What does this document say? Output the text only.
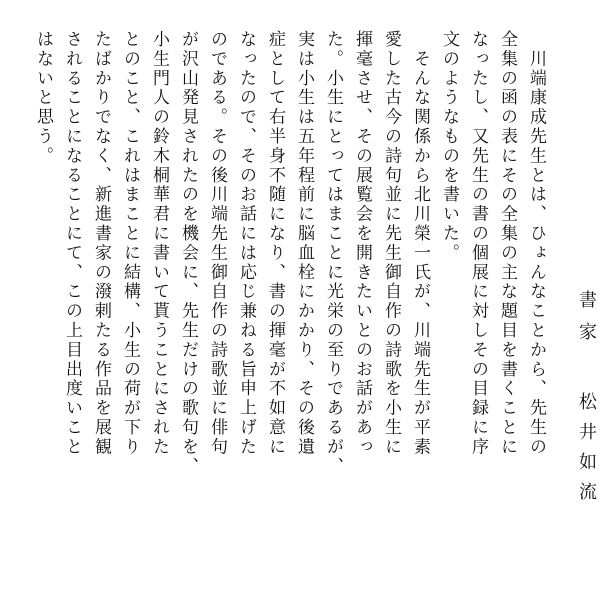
書家
松井如流
　川端康成先生とは、ひょんなことから、先生の
全集の函の表にその全集の主な題目を書くことに
なったし、又先生の書の個展に対しその目録に序
文のようなものを書いた。
　そんな関係から北川榮一氏が、川端先生が平素
愛した古今の詩句並に先生御自作の詩歌を小生に
揮毫させ、その展覧会を開きたいとのお話があっ
た。小生にとってはまことに光栄の至りであるが、
実は小生は五年程前に脳血栓にかかり、その後遺
症として右半身不随になり、書の揮毫が不如意に
なったので、そのお話には応じ兼ねる旨申上げた
のである。その後川端先生御自作の詩歌並に俳句
が沢山発見されたのを機会に、先生だけの歌句を、
小生門人の鈴木桐華君に書いて貰うことにされた
とのこと、これはまことに結構、小生の荷が下り
たばかりでなく、新進書家の潑剌たる作品を展観
されることになることにて、この上目出度いこと
はないと思う。
